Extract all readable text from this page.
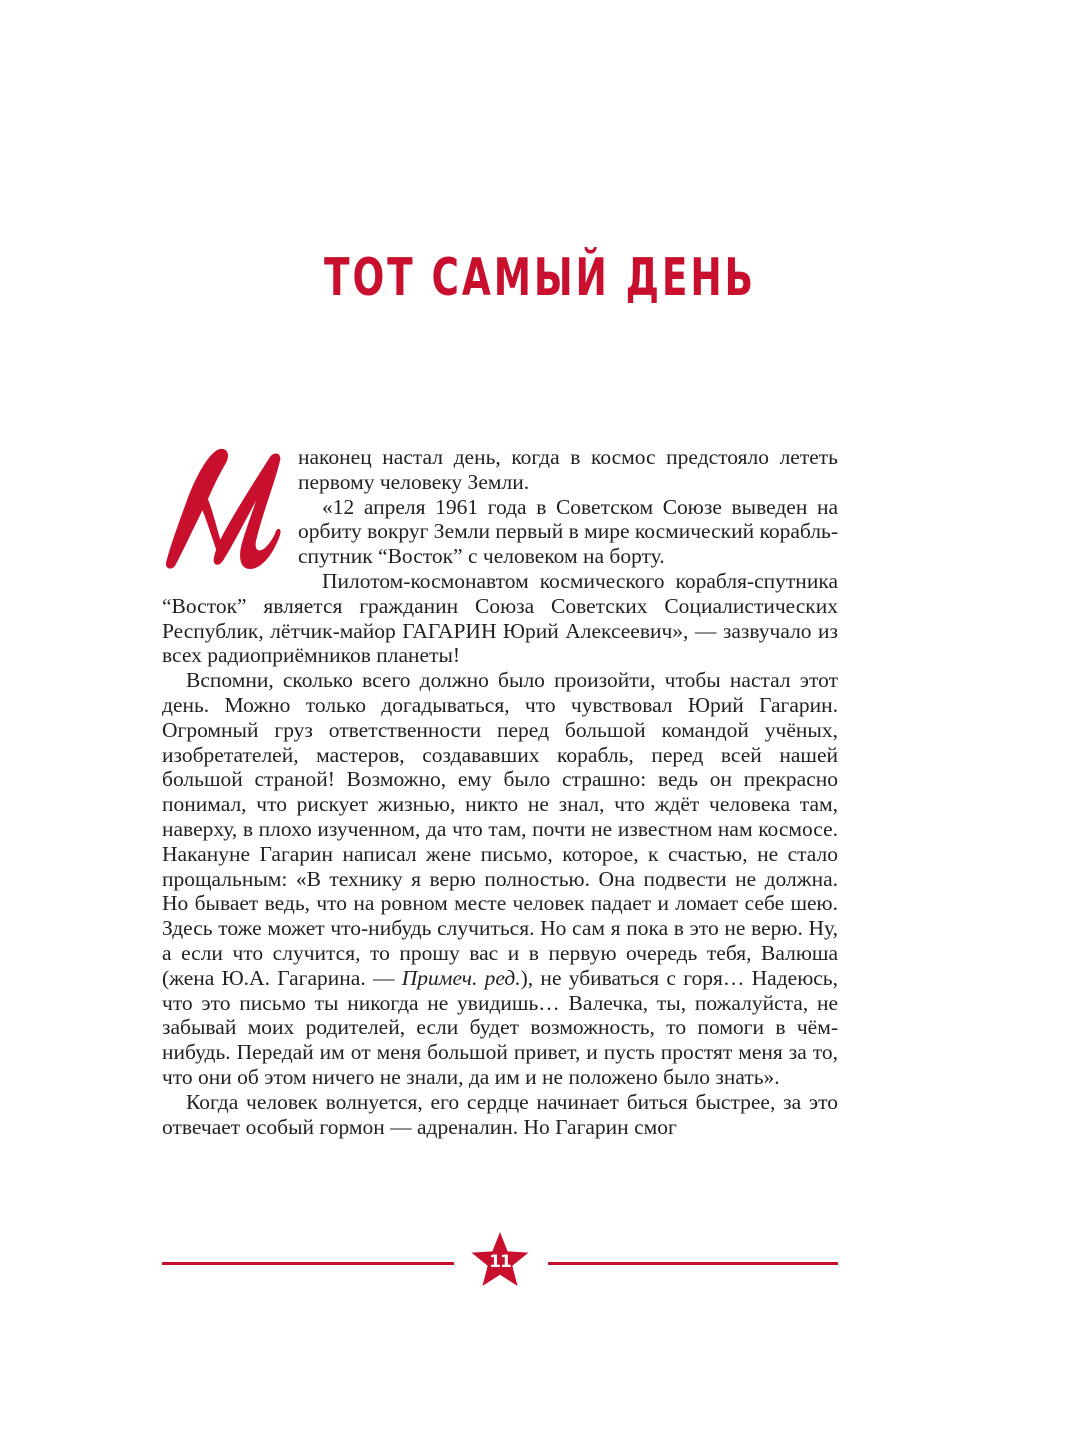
ТОТ САМЫЙ ДЕНЬ

наконец настал день, когда в космос предстояло лететь первому человеку Земли.

«12 апреля 1961 года в Советском Союзе выведен на орбиту вокруг Земли первый в мире космический корабль-спутник “Восток” с человеком на борту.

Пилотом-космонавтом космического корабля-спутника “Восток” является гражданин Союза Советских Социалистических Республик, лётчик-майор ГАГАРИН Юрий Алексеевич», — зазвучало из всех радиоприёмников планеты!

Вспомни, сколько всего должно было произойти, чтобы настал этот день. Можно только догадываться, что чувствовал Юрий Гагарин. Огромный груз ответственности перед большой командой учёных, изобретателей, мастеров, создававших корабль, перед всей нашей большой страной! Возможно, ему было страшно: ведь он прекрасно понимал, что рискует жизнью, никто не знал, что ждёт человека там, наверху, в плохо изученном, да что там, почти не известном нам космосе. Накануне Гагарин написал жене письмо, которое, к счастью, не стало прощальным: «В технику я верю полностью. Она подвести не должна. Но бывает ведь, что на ровном месте человек падает и ломает себе шею. Здесь тоже может что-нибудь случиться. Но сам я пока в это не верю. Ну, а если что случится, то прошу вас и в первую очередь тебя, Валюша (жена Ю.А. Гагарина. — Примеч. ред.), не убиваться с горя… Надеюсь, что это письмо ты никогда не увидишь… Валечка, ты, пожалуйста, не забывай моих родителей, если будет возможность, то помоги в чём-нибудь. Передай им от меня большой привет, и пусть простят меня за то, что они об этом ничего не знали, да им и не положено было знать».

Когда человек волнуется, его сердце начинает биться быстрее, за это отвечает особый гормон — адреналин. Но Гагарин смог

11
